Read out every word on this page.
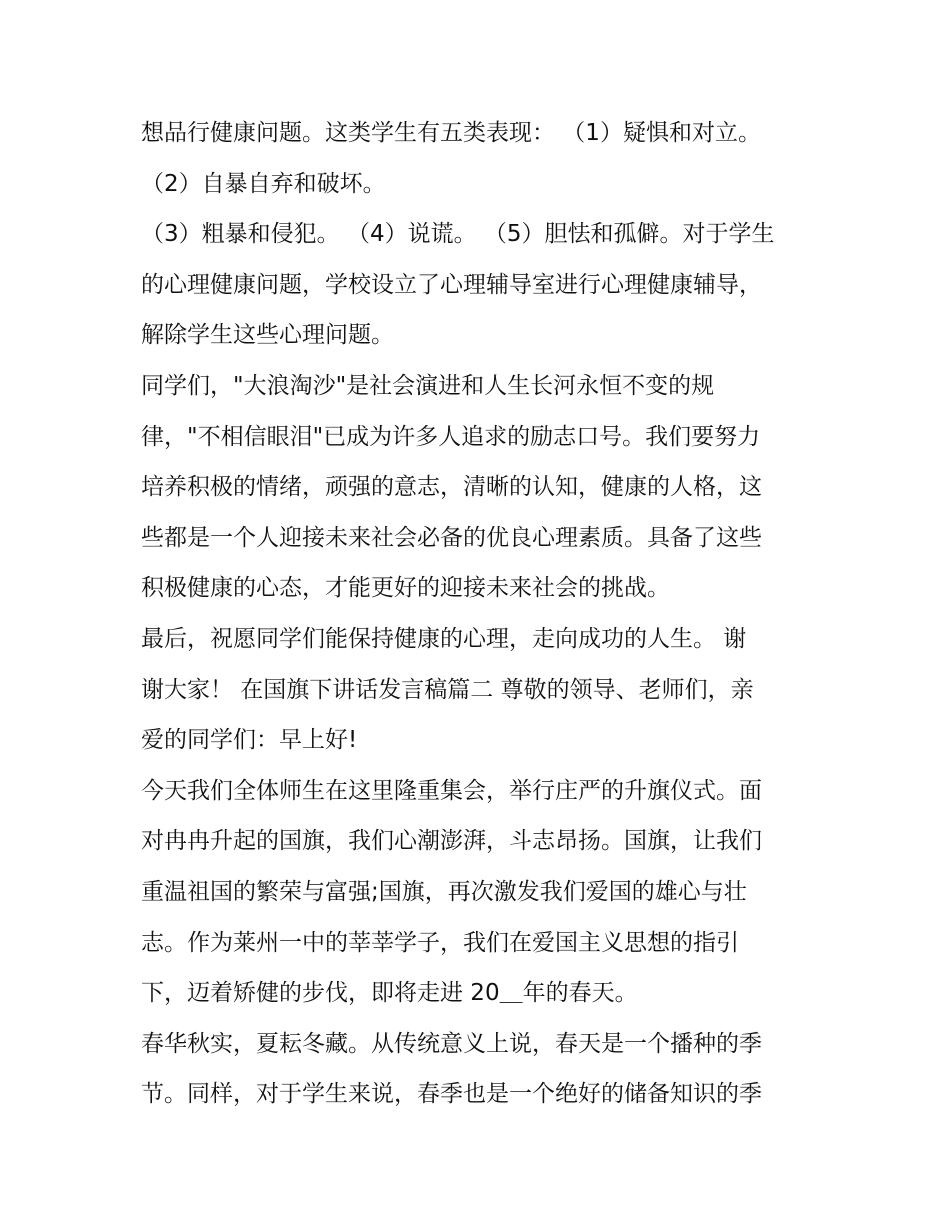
想品行健康问题。这类学生有五类表现： （1）疑惧和对立。
（2）自暴自弃和破坏。
（3）粗暴和侵犯。 （4）说谎。 （5）胆怯和孤僻。对于学生
的心理健康问题，学校设立了心理辅导室进行心理健康辅导，
解除学生这些心理问题。
同学们，"大浪淘沙"是社会演进和人生长河永恒不变的规
律，"不相信眼泪"已成为许多人追求的励志口号。我们要努力
培养积极的情绪，顽强的意志，清晰的认知，健康的人格，这
些都是一个人迎接未来社会必备的优良心理素质。具备了这些
积极健康的心态，才能更好的迎接未来社会的挑战。
最后，祝愿同学们能保持健康的心理，走向成功的人生。 谢
谢大家！ 在国旗下讲话发言稿篇二 尊敬的领导、老师们，亲
爱的同学们：早上好!
今天我们全体师生在这里隆重集会，举行庄严的升旗仪式。面
对冉冉升起的国旗，我们心潮澎湃，斗志昂扬。国旗，让我们
重温祖国的繁荣与富强;国旗，再次激发我们爱国的雄心与壮
志。作为莱州一中的莘莘学子，我们在爱国主义思想的指引
下，迈着矫健的步伐，即将走进 20＿年的春天。
春华秋实，夏耘冬藏。从传统意义上说，春天是一个播种的季
节。同样，对于学生来说，春季也是一个绝好的储备知识的季
